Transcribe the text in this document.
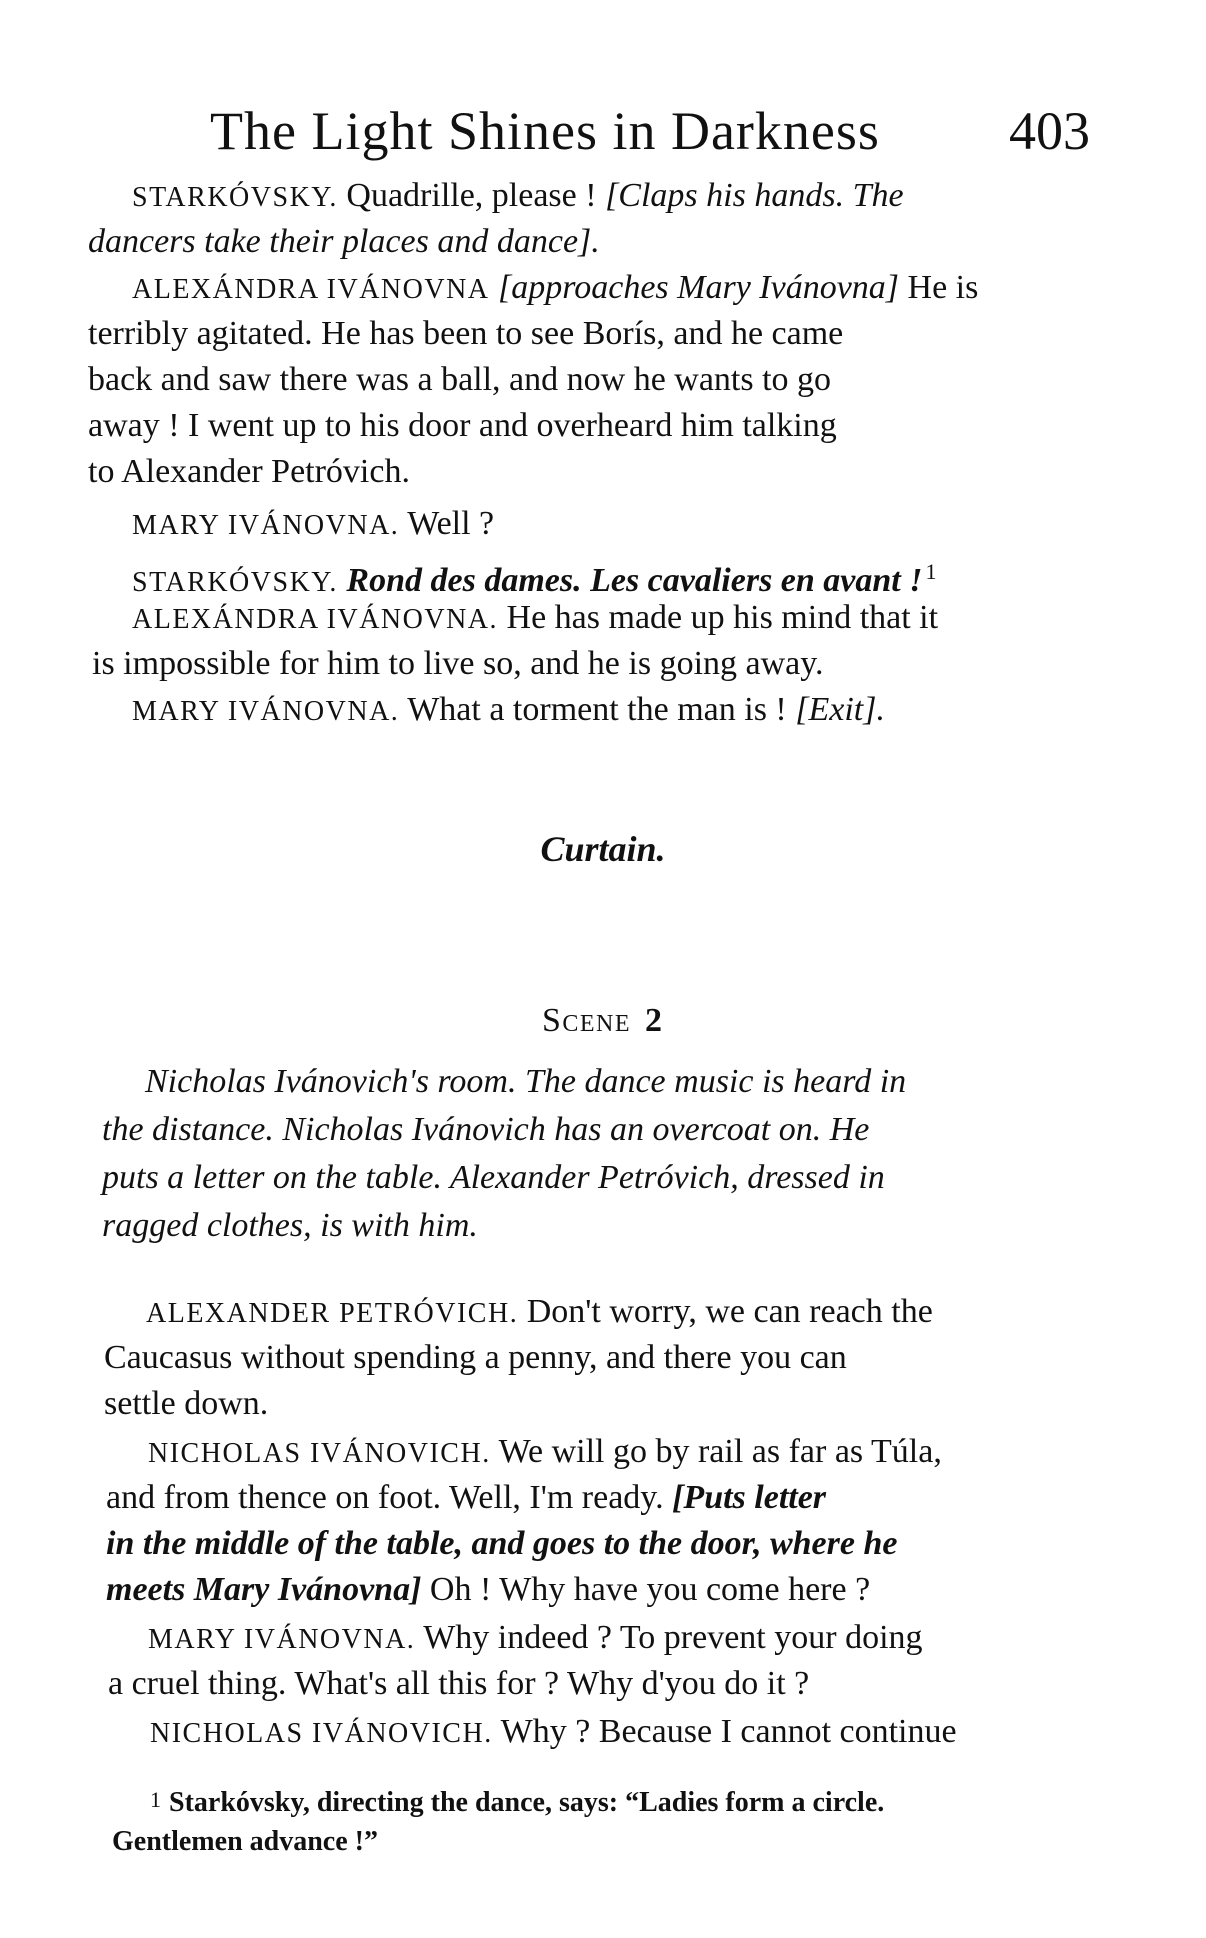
The Light Shines in Darkness 403
STARKÓVSKY. Quadrille, please ! [Claps his hands. The
dancers take their places and dance].
ALEXÁNDRA IVÁNOVNA [approaches Mary Ivánovna] He is
terribly agitated. He has been to see Borís, and he came
back and saw there was a ball, and now he wants to go
away ! I went up to his door and overheard him talking
to Alexander Petróvich.
MARY IVÁNOVNA. Well ?
STARKÓVSKY. Rond des dames. Les cavaliers en avant ! $^1$
ALEXÁNDRA IVÁNOVNA. He has made up his mind that it
is impossible for him to live so, and he is going away.
MARY IVÁNOVNA. What a torment the man is ! [Exit].
Curtain.
Scene 2
Nicholas Ivánovich's room. The dance music is heard in
the distance. Nicholas Ivánovich has an overcoat on. He
puts a letter on the table. Alexander Petróvich, dressed in
ragged clothes, is with him.
ALEXANDER PETRÓVICH. Don't worry, we can reach the
Caucasus without spending a penny, and there you can
settle down.
NICHOLAS IVÁNOVICH. We will go by rail as far as Túla,
and from thence on foot. Well, I'm ready. [Puts letter
in the middle of the table, and goes to the door, where he
meets Mary Ivánovna] Oh ! Why have you come here ?
MARY IVÁNOVNA. Why indeed ? To prevent your doing
a cruel thing. What's all this for ? Why d'you do it ?
NICHOLAS IVÁNOVICH. Why ? Because I cannot continue
1 Starkóvsky, directing the dance, says: “Ladies form a circle.
Gentlemen advance !”
